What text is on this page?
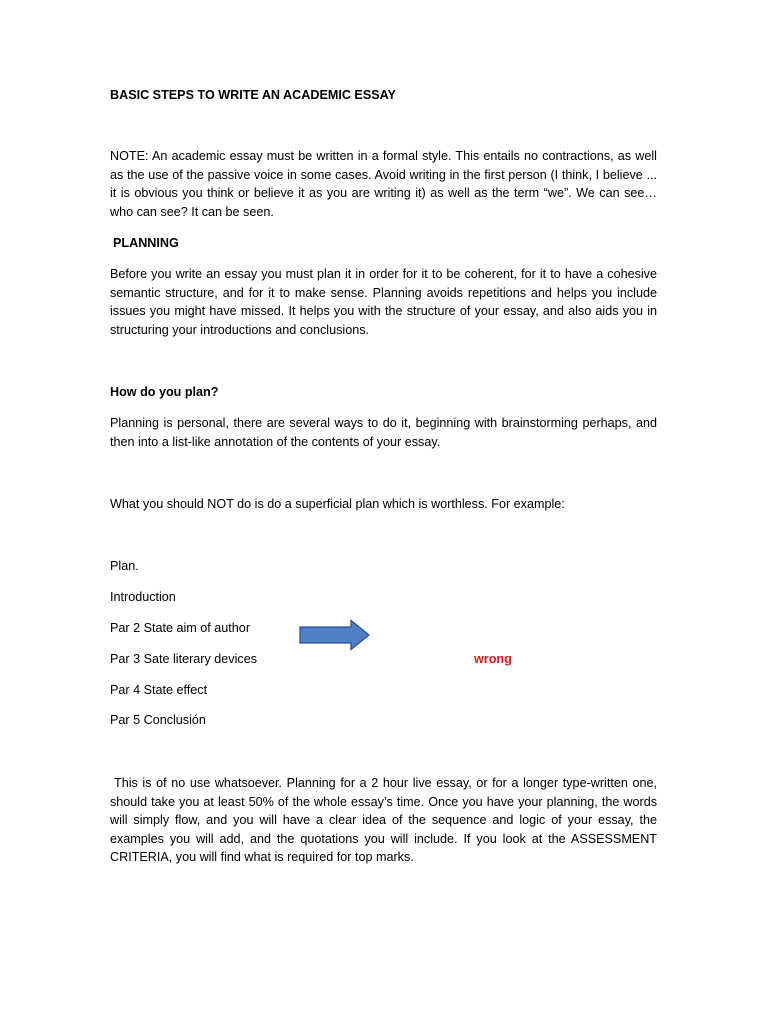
BASIC STEPS TO WRITE AN ACADEMIC ESSAY

NOTE: An academic essay must be written in a formal style. This entails no contractions, as well as the use of the passive voice in some cases. Avoid writing in the first person (I think, I believe ... it is obvious you think or believe it as you are writing it) as well as the term “we”. We can see… who can see? It can be seen.

PLANNING

Before you write an essay you must plan it in order for it to be coherent, for it to have a cohesive semantic structure, and for it to make sense. Planning avoids repetitions and helps you include issues you might have missed. It helps you with the structure of your essay, and also aids you in structuring your introductions and conclusions.

How do you plan?

Planning is personal, there are several ways to do it, beginning with brainstorming perhaps, and then into a list-like annotation of the contents of your essay.

What you should NOT do is do a superficial plan which is worthless. For example:

Plan.

Introduction

Par 2 State aim of author

Par 3 Sate literary devices

Par 4 State effect

Par 5 Conclusión

wrong

This is of no use whatsoever. Planning for a 2 hour live essay, or for a longer type-written one, should take you at least 50% of the whole essay’s time. Once you have your planning, the words will simply flow, and you will have a clear idea of the sequence and logic of your essay, the examples you will add, and the quotations you will include. If you look at the ASSESSMENT CRITERIA, you will find what is required for top marks.
